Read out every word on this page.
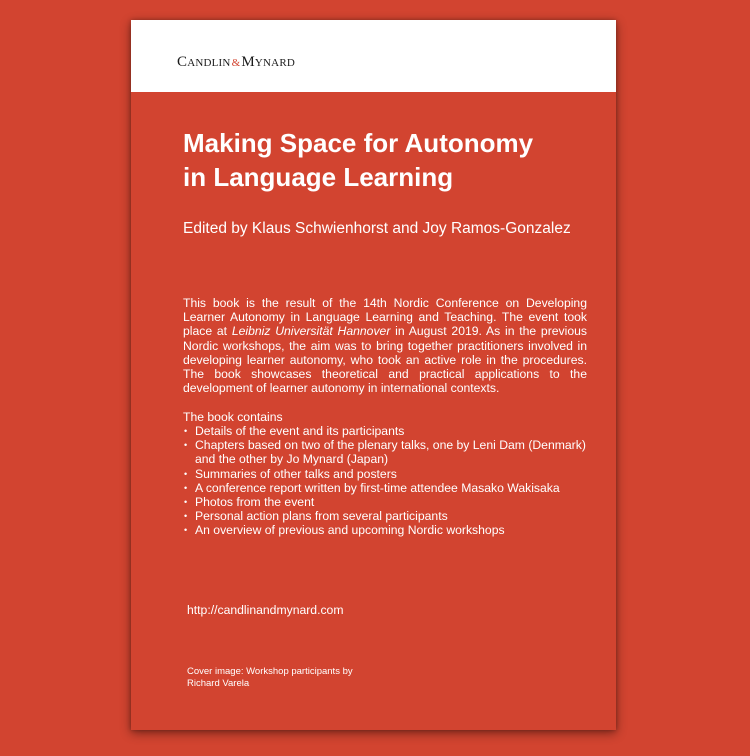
Candlin&Mynard
Making Space for Autonomy
in Language Learning

Edited by Klaus Schwienhorst and Joy Ramos-Gonzalez

This book is the result of the 14th Nordic Conference on Developing Learner Autonomy in Language Learning and Teaching. The event took place at Leibniz Universität Hannover in August 2019. As in the previous Nordic workshops, the aim was to bring together practitioners involved in developing learner autonomy, who took an active role in the procedures. The book showcases theoretical and practical applications to the development of learner autonomy in international contexts.

The book contains

• Details of the event and its participants
• Chapters based on two of the plenary talks, one by Leni Dam (Denmark) and the other by Jo Mynard (Japan)
• Summaries of other talks and posters
• A conference report written by first-time attendee Masako Wakisaka
• Photos from the event
• Personal action plans from several participants
• An overview of previous and upcoming Nordic workshops

http://candlinandmynard.com

Cover image: Workshop participants by
Richard Varela
